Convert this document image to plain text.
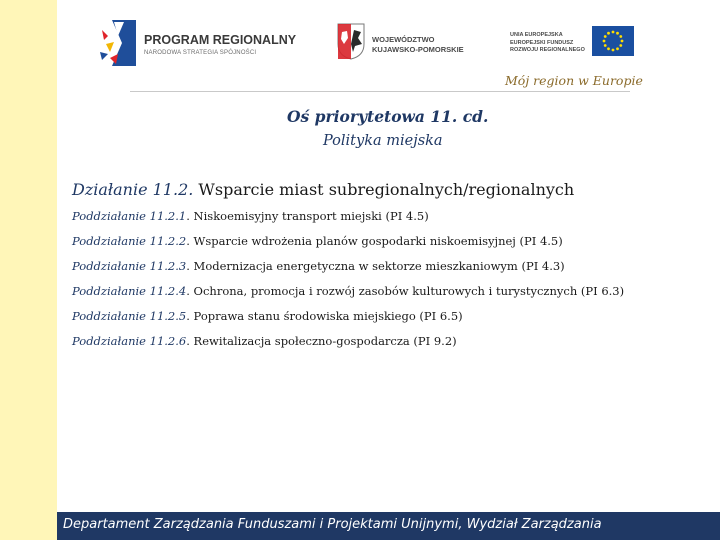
PROGRAM REGIONALNY
NARODOWA STRATEGIA SPÓJNOŚCI
WOJEWÓDZTWO
KUJAWSKO-POMORSKIE
UNIA EUROPEJSKA
EUROPEJSKI FUNDUSZ
ROZWOJU REGIONALNEGO
Mój region w Europie
Oś priorytetowa 11. cd.
Polityka miejska
Działanie 11.2. Wsparcie miast subregionalnych/regionalnych
Poddziałanie 11.2.1. Niskoemisyjny transport miejski (PI 4.5)
Poddziałanie 11.2.2. Wsparcie wdrożenia planów gospodarki niskoemisyjnej (PI 4.5)
Poddziałanie 11.2.3. Modernizacja energetyczna w sektorze mieszkaniowym (PI 4.3)
Poddziałanie 11.2.4. Ochrona, promocja i rozwój zasobów kulturowych i turystycznych (PI 6.3)
Poddziałanie 11.2.5. Poprawa stanu środowiska miejskiego (PI 6.5)
Poddziałanie 11.2.6. Rewitalizacja społeczno-gospodarcza (PI 9.2)
Departament Zarządzania Funduszami i Projektami Unijnymi, Wydział Zarządzania
